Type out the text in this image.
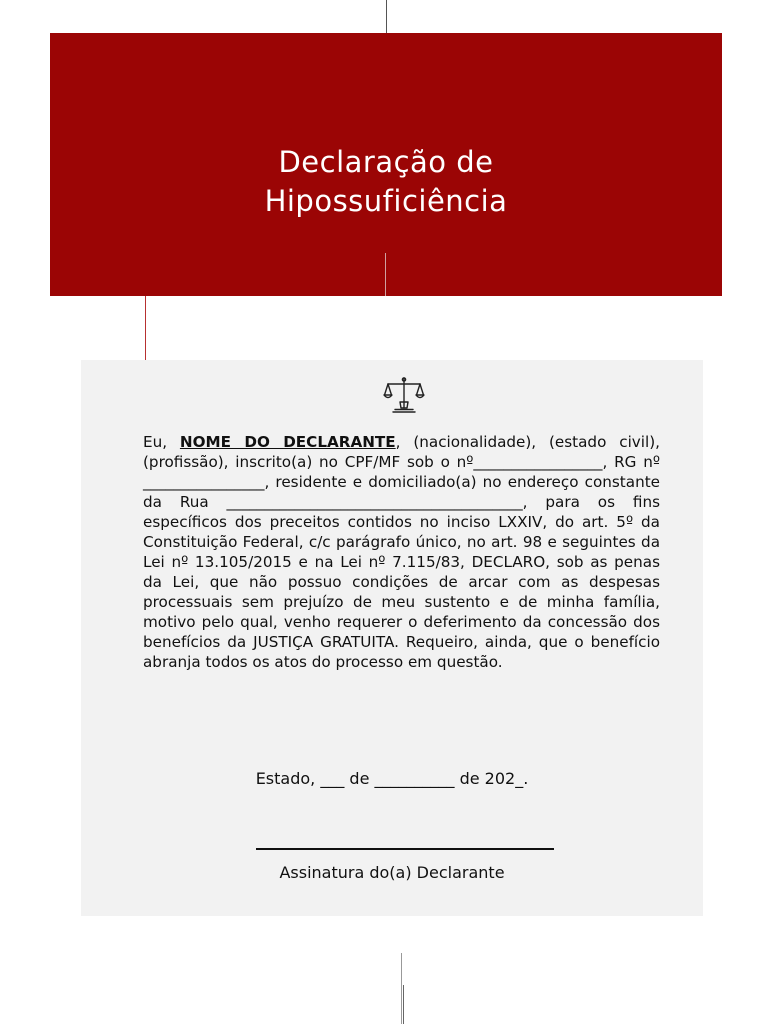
Declaração de
Hipossuficiência

Eu, NOME DO DECLARANTE, (nacionalidade), (estado civil), (profissão), inscrito(a) no CPF/MF sob o nº_________________, RG nº ________________, residente e domiciliado(a) no endereço constante da Rua _______________________________________, para os fins específicos dos preceitos contidos no inciso LXXIV, do art. 5º da Constituição Federal, c/c parágrafo único, no art. 98 e seguintes da Lei nº 13.105/2015 e na Lei nº 7.115/83, DECLARO, sob as penas da Lei, que não possuo condições de arcar com as despesas processuais sem prejuízo de meu sustento e de minha família, motivo pelo qual, venho requerer o deferimento da concessão dos benefícios da JUSTIÇA GRATUITA. Requeiro, ainda, que o benefício abranja todos os atos do processo em questão.

Estado, ___ de __________ de 202_.

Assinatura do(a) Declarante
